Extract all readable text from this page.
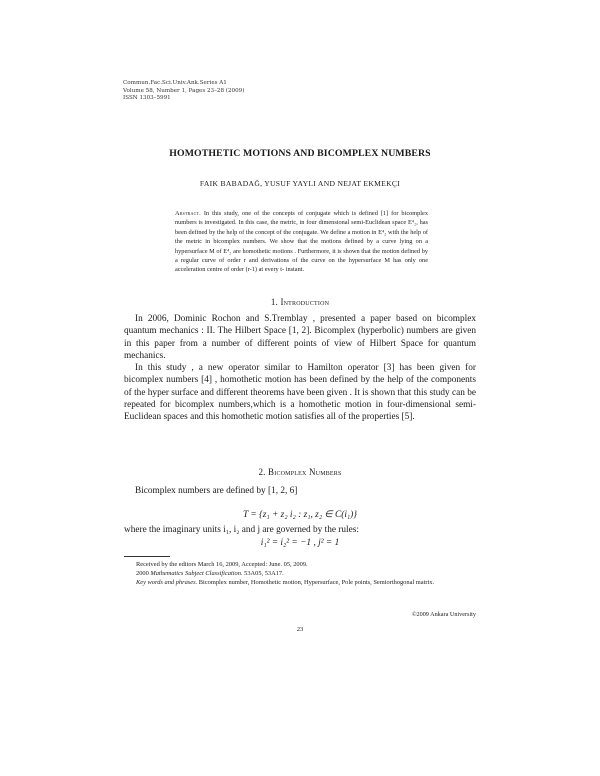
Commun.Fac.Sci.Univ.Ank.Series A1
Volume 58, Number 1, Pages 23–28 (2009)
ISSN 1303–5991
HOMOTHETIC MOTIONS AND BICOMPLEX NUMBERS
FAIK BABADAĞ, YUSUF YAYLI AND NEJAT EKMEKÇI
Abstract. In this study, one of the concepts of conjugate which is defined [1] for bicomplex numbers is investigated. In this case, the metric, in four dimensional semi-Euclidean space E⁴₂, has been defined by the help of the concept of the conjugate. We define a motion in E⁴₂ with the help of the metric in bicomplex numbers. We show that the motions defined by a curve lying on a hypersurface M of E⁴₂ are homothetic motions . Furthermore, it is shown that the motion defined by a regular curve of order r and derivations of the curve on the hypersurface M has only one acceleration centre of order (r-1) at every t- instant.
1. Introduction

In 2006, Dominic Rochon and S.Tremblay , presented a paper based on bicomplex quantum mechanics : II. The Hilbert Space [1, 2]. Bicomplex (hyperbolic) numbers are given in this paper from a number of different points of view of Hilbert Space for quantum mechanics.

In this study , a new operator similar to Hamilton operator [3] has been given for bicomplex numbers [4] , homothetic motion has been defined by the help of the components of the hyper surface and different theorems have been given . It is shown that this study can be repeated for bicomplex numbers,which is a homothetic motion in four-dimensional semi-Euclidean spaces and this homothetic motion satisfies all of the properties [5].

2. Bicomplex Numbers

Bicomplex numbers are defined by [1, 2, 6]

T = {z₁ + z₂ i₂ : z₁, z₂ ∈ C(i₁)}
where the imaginary units i₁, i₂ and j are governed by the rules:
i₁² = i₂² = −1 , j² = 1
Received by the editors March 16, 2009, Accepted: June. 05, 2009.
2000 Mathematics Subject Classification. 53A05, 53A17.
Key words and phrases. Bicomplex number, Homothetic motion, Hypersurface, Pole points, Semiorthogonal matrix.
©2009 Ankara University
23
